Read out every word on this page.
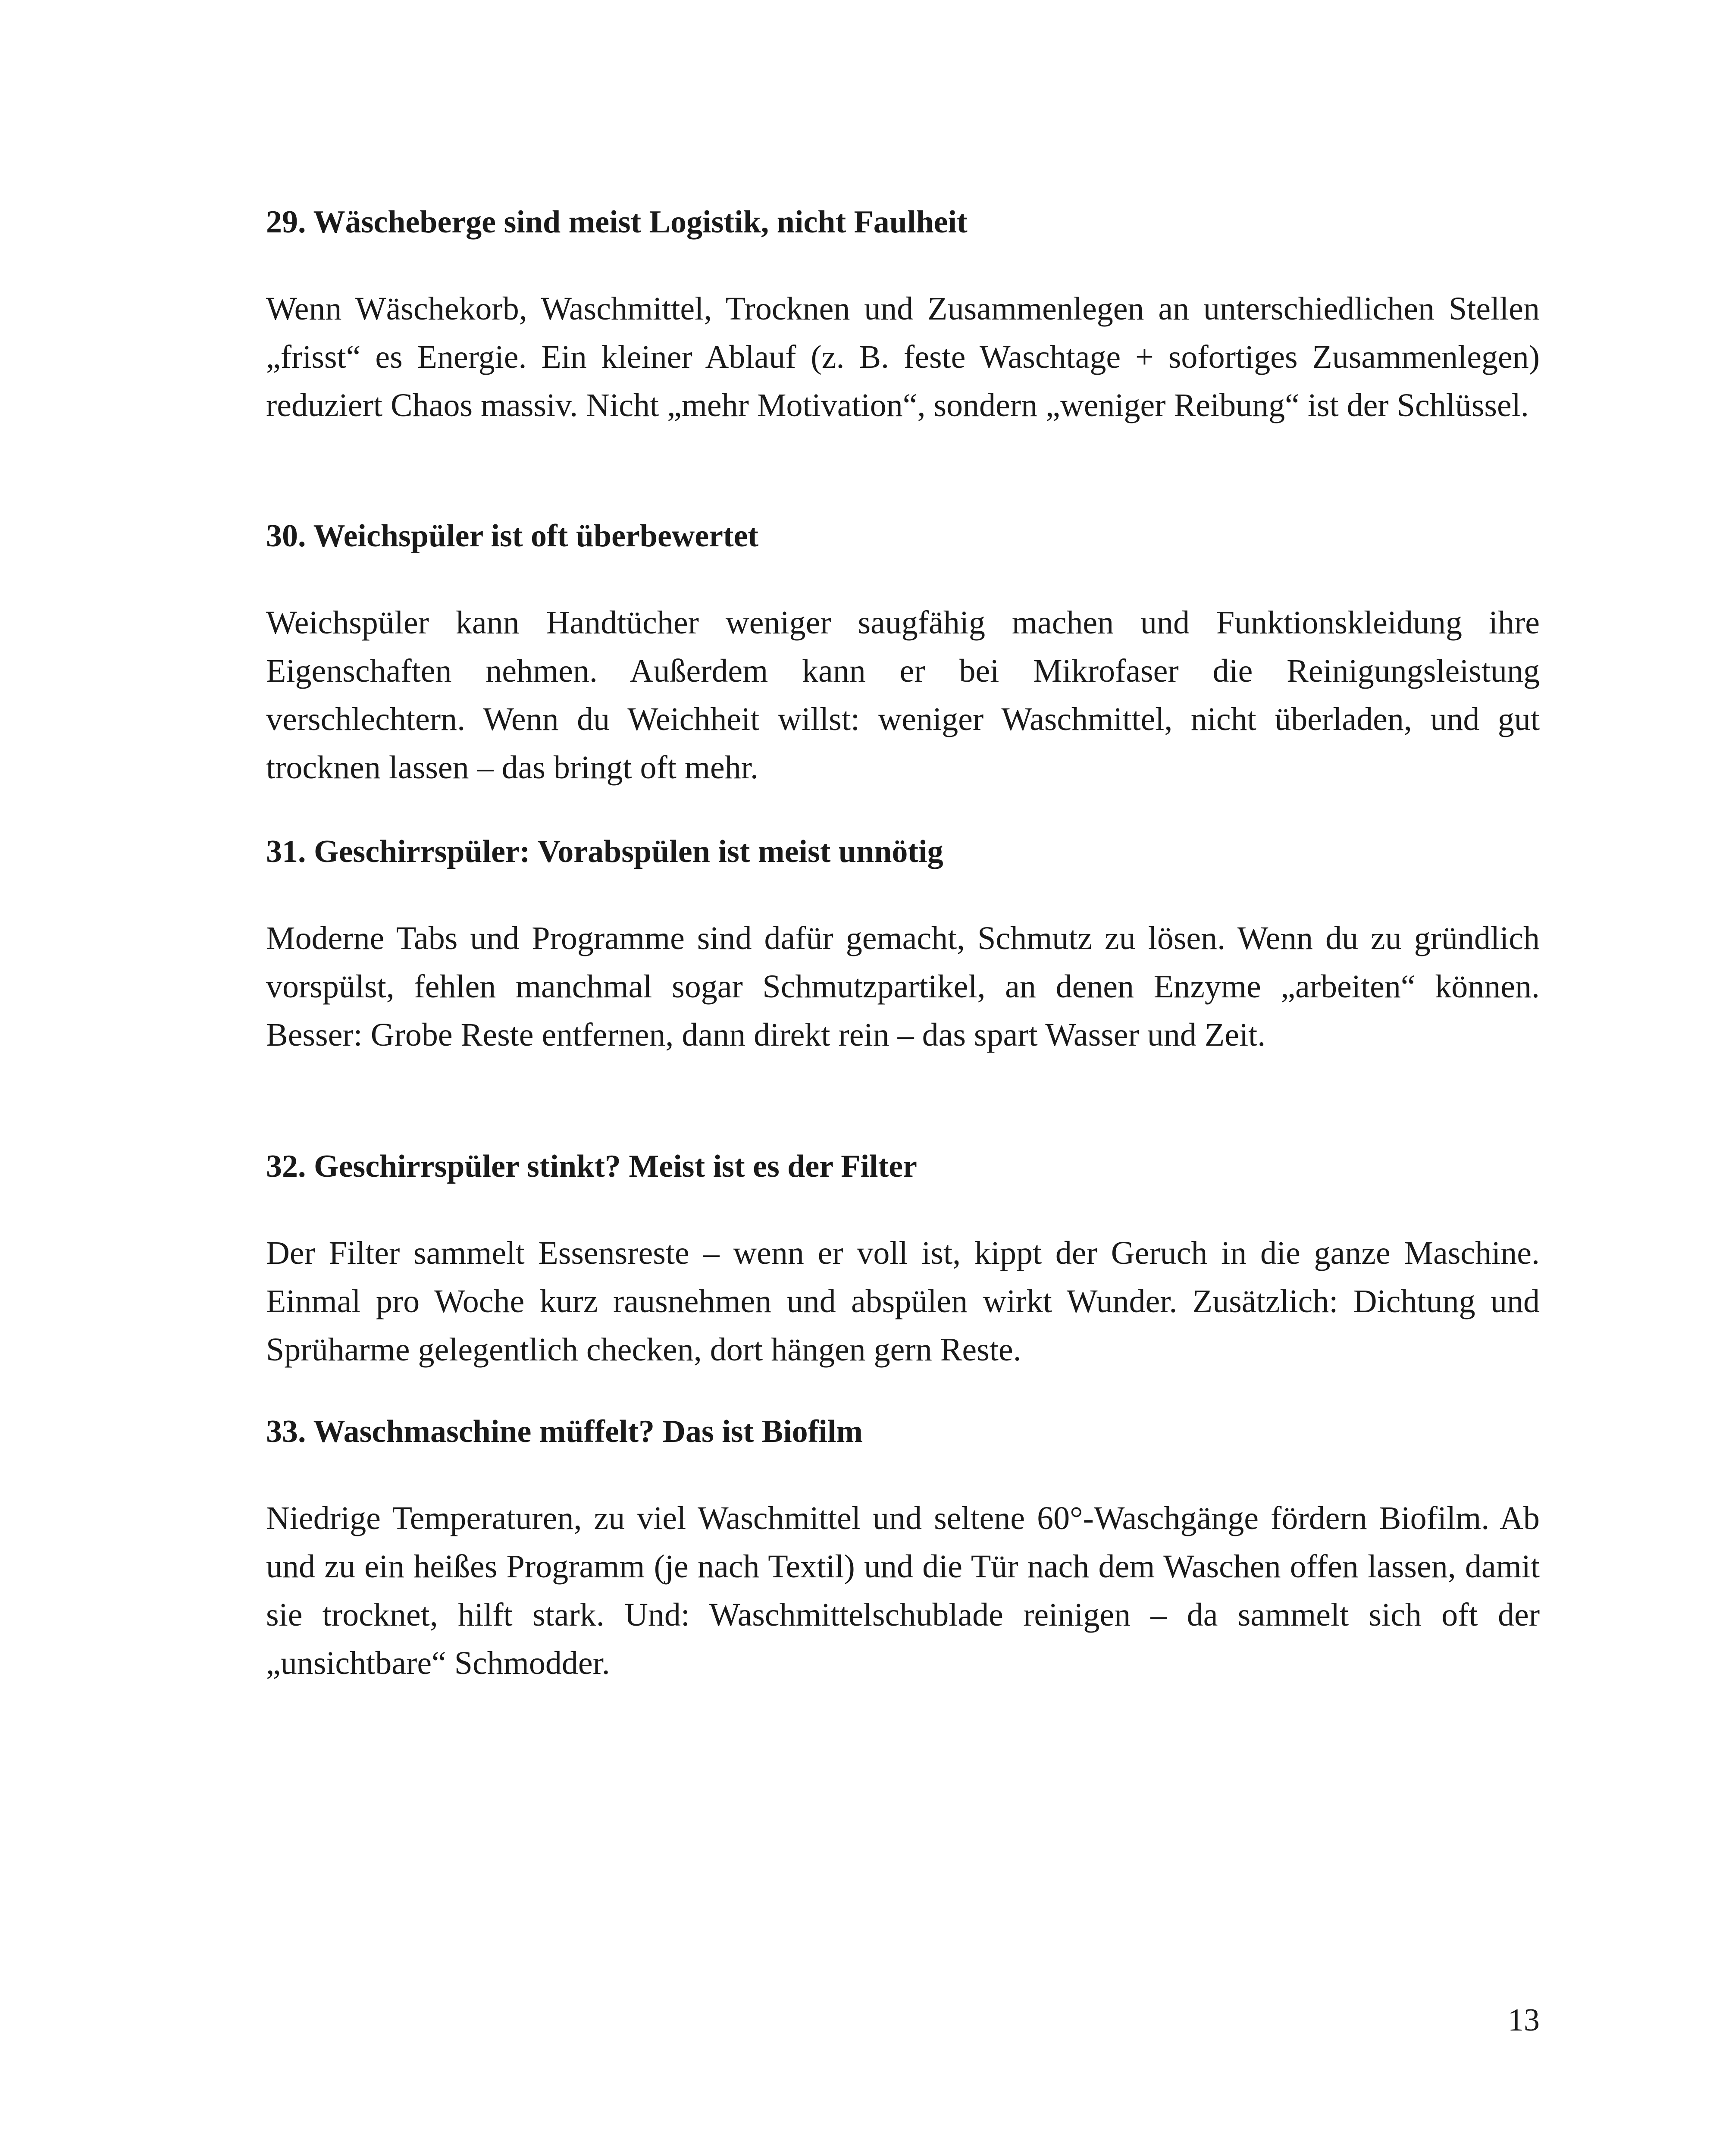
29. Wäscheberge sind meist Logistik, nicht Faulheit

Wenn Wäschekorb, Waschmittel, Trocknen und Zusammenlegen an unterschiedlichen Stellen „frisst“ es Energie. Ein kleiner Ablauf (z. B. feste Waschtage + sofortiges Zusammenlegen) reduziert Chaos massiv. Nicht „mehr Motivation“, sondern „weniger Reibung“ ist der Schlüssel.

30. Weichspüler ist oft überbewertet

Weichspüler kann Handtücher weniger saugfähig machen und Funktionskleidung ihre Eigenschaften nehmen. Außerdem kann er bei Mikrofaser die Reinigungsleistung verschlechtern. Wenn du Weichheit willst: weniger Waschmittel, nicht überladen, und gut trocknen lassen – das bringt oft mehr.

31. Geschirrspüler: Vorabspülen ist meist unnötig

Moderne Tabs und Programme sind dafür gemacht, Schmutz zu lösen. Wenn du zu gründlich vorspülst, fehlen manchmal sogar Schmutzpartikel, an denen Enzyme „arbeiten“ können. Besser: Grobe Reste entfernen, dann direkt rein – das spart Wasser und Zeit.

32. Geschirrspüler stinkt? Meist ist es der Filter

Der Filter sammelt Essensreste – wenn er voll ist, kippt der Geruch in die ganze Maschine. Einmal pro Woche kurz rausnehmen und abspülen wirkt Wunder. Zusätzlich: Dichtung und Sprüharme gelegentlich checken, dort hängen gern Reste.

33. Waschmaschine müffelt? Das ist Biofilm

Niedrige Temperaturen, zu viel Waschmittel und seltene 60°-Waschgänge fördern Biofilm. Ab und zu ein heißes Programm (je nach Textil) und die Tür nach dem Waschen offen lassen, damit sie trocknet, hilft stark. Und: Waschmittelschublade reinigen – da sammelt sich oft der „unsichtbare“ Schmodder.

13
